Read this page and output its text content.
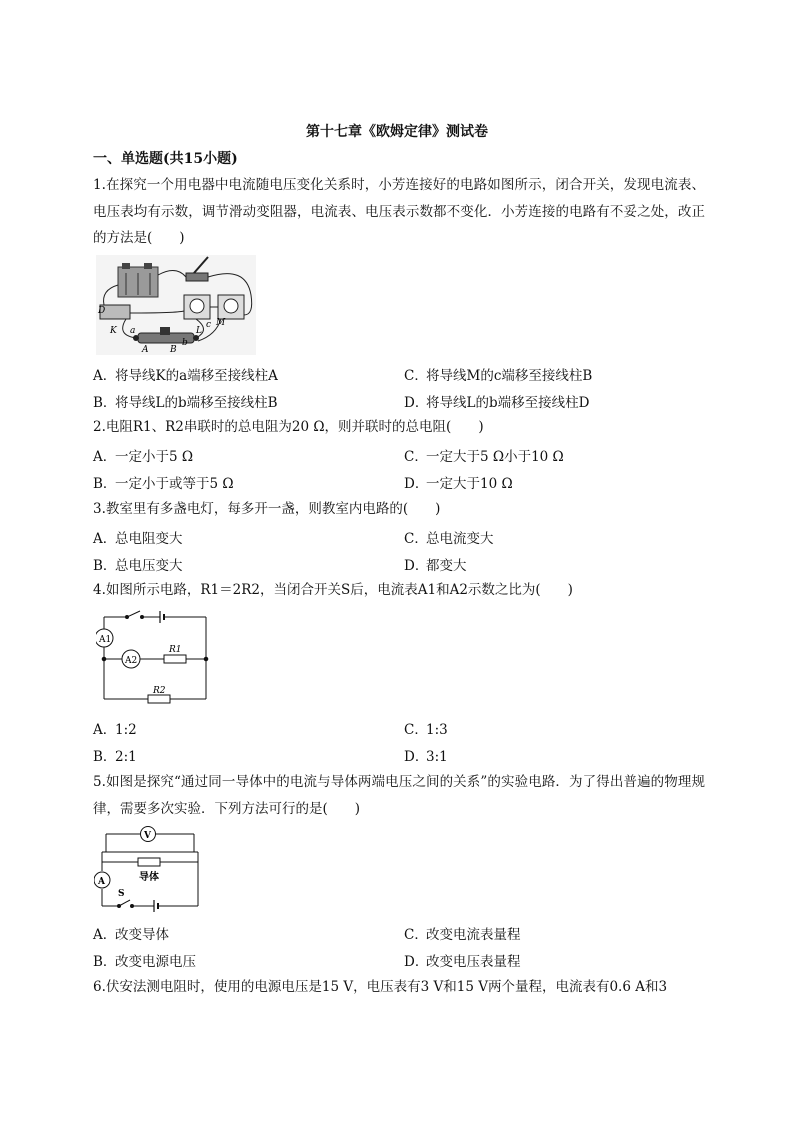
第十七章《欧姆定律》测试卷
一、单选题(共15小题)
1.在探究一个用电器中电流随电压变化关系时，小芳连接好的电路如图所示，闭合开关，发现电流表、电压表均有示数，调节滑动变阻器，电流表、电压表示数都不变化．小芳连接的电路有不妥之处，改正的方法是(　　)
D
K a
A B
b
L
c M
A．将导线K的a端移至接线柱A	C．将导线M的c端移至接线柱B
B．将导线L的b端移至接线柱B	D．将导线L的b端移至接线柱D
2.电阻R1、R2串联时的总电阻为20 Ω，则并联时的总电阻(　　)
A．一定小于5 Ω	C．一定大于5 Ω小于10 Ω
B．一定小于或等于5 Ω	D．一定大于10 Ω
3.教室里有多盏电灯，每多开一盏，则教室内电路的(　　)
A．总电阻变大	C．总电流变大
B．总电压变大	D．都变大
4.如图所示电路，R1＝2R2，当闭合开关S后，电流表A1和A2示数之比为(　　)
A1
A2
R1
R2
A．1:2	C．1:3
B．2:1	D．3:1
5.如图是探究“通过同一导体中的电流与导体两端电压之间的关系”的实验电路．为了得出普遍的物理规律，需要多次实验．下列方法可行的是(　　)
V
导体
A
S
A．改变导体	C．改变电流表量程
B．改变电源电压	D．改变电压表量程
6.伏安法测电阻时，使用的电源电压是15 V，电压表有3 V和15 V两个量程，电流表有0.6 A和3
